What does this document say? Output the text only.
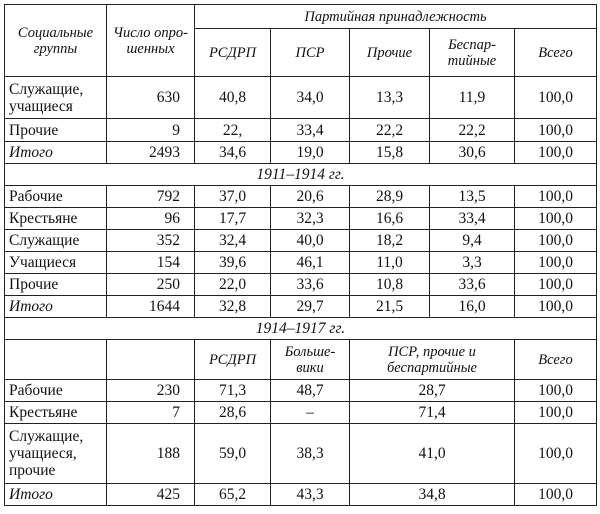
Социальные группы	Число опро-шенных	Партийная принадлежность				
		РСДРП	ПСР	Прочие	Беспар-тийные	Всего
Служащие, учащиеся	630	40,8	34,0	13,3	11,9	100,0
Прочие	9	22,	33,4	22,2	22,2	100,0
Итого	2493	34,6	19,0	15,8	30,6	100,0
1911–1914 гг.						
Рабочие	792	37,0	20,6	28,9	13,5	100,0
Крестьяне	96	17,7	32,3	16,6	33,4	100,0
Служащие	352	32,4	40,0	18,2	9,4	100,0
Учащиеся	154	39,6	46,1	11,0	3,3	100,0
Прочие	250	22,0	33,6	10,8	33,6	100,0
Итого	1644	32,8	29,7	21,5	16,0	100,0
1914–1917 гг.						
		РСДРП	Больше-вики	ПСР, прочие и беспартийные		Всего
Рабочие	230	71,3	48,7	28,7		100,0
Крестьяне	7	28,6	–	71,4		100,0
Служащие, учащиеся, прочие	188	59,0	38,3	41,0		100,0
Итого	425	65,2	43,3	34,8		100,0
